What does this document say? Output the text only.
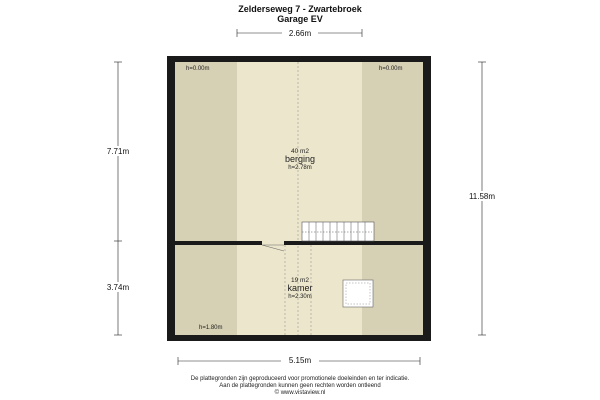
Zelderseweg 7 - Zwartebroek
Garage EV
2.66m
5.15m
7.71m
3.74m
11.58m
h=0.00m	h=0.00m
h=1.80m
40 m2
berging
h=2.78m
19 m2
kamer
h=2.30m
De plattegronden zijn geproduceerd voor promotionele doeleinden en ter indicatie.
Aan de plattegronden kunnen geen rechten worden ontleend
© www.vistaview.nl
